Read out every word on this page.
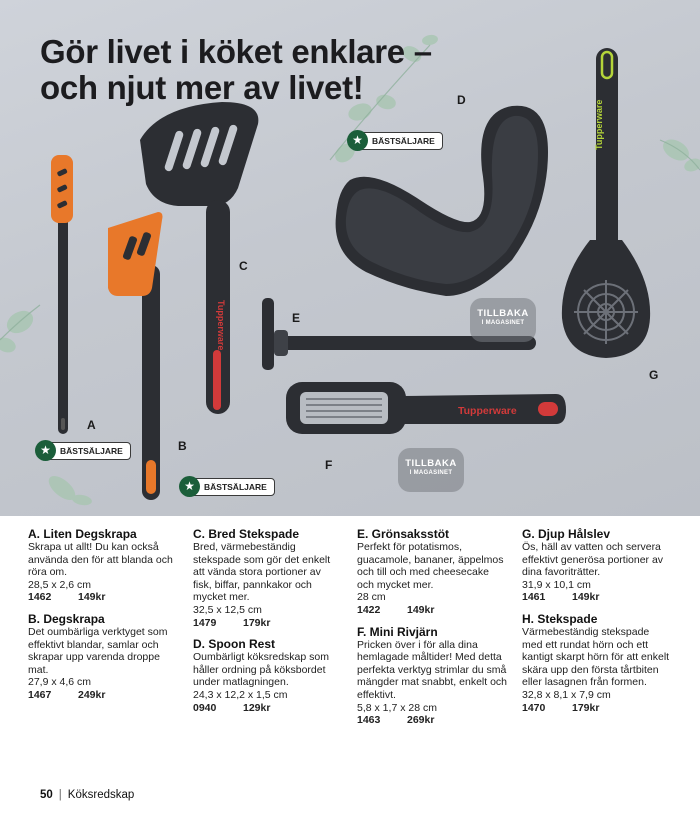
Tupperware
Tupperware
Tupperware
Gör livet i köket enklare –
och njut mer av livet!
A
B
C
D
E
F
G
★	BÄSTSÄLJARE
★	BÄSTSÄLJARE
★	BÄSTSÄLJARE
TILLBAKA
I MAGASINET
TILLBAKA
I MAGASINET
A. Liten Degskrapa

Skrapa ut allt! Du kan också använda den för att blanda och röra om.

28,5 x 2,6 cm

1462	149kr
B. Degskrapa

Det oumbärliga verktyget som effektivt blandar, samlar och skrapar upp varenda droppe mat.

27,9 x 4,6 cm

1467	249kr
C. Bred Stekspade

Bred, värmebeständig stekspade som gör det enkelt att vända stora portioner av fisk, biffar, pannkakor och mycket mer.

32,5 x 12,5 cm

1479	179kr
D. Spoon Rest

Oumbärligt köksredskap som håller ordning på köksbordet under matlagningen.

24,3 x 12,2 x 1,5 cm

0940	129kr
E. Grönsaksstöt

Perfekt för potatismos, guacamole, bananer, äppelmos och till och med cheesecake och mycket mer.

28 cm

1422	149kr
F. Mini Rivjärn

Pricken över i för alla dina hemlagade måltider! Med detta perfekta verktyg strimlar du små mängder mat snabbt, enkelt och effektivt.

5,8 x 1,7 x 28 cm

1463	269kr
G. Djup Hålslev

Ös, häll av vatten och servera effektivt generösa portioner av dina favoriträtter.

31,9 x 10,1 cm

1461	149kr
H. Stekspade

Värmebeständig stekspade med ett rundat hörn och ett kantigt skarpt hörn för att enkelt skära upp den första tårtbiten eller lasagnen från formen.

32,8 x 8,1 x 7,9 cm

1470	179kr
50 | Köksredskap
